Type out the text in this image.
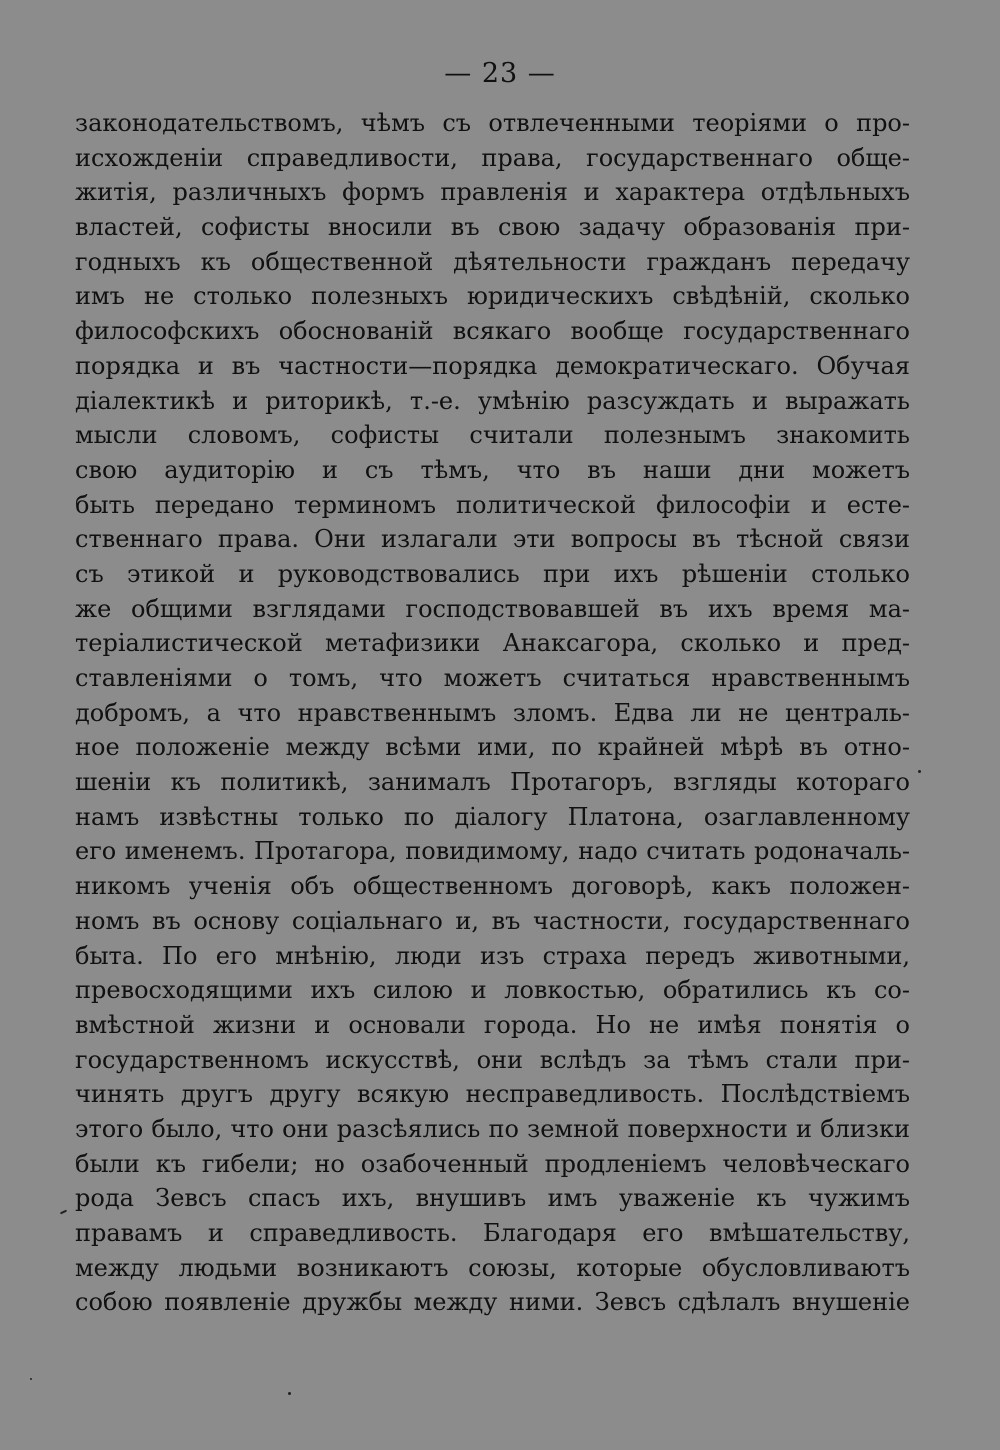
— 23 —
законодательствомъ, чѣмъ съ отвлеченными теоріями о про-
исхожденіи справедливости, права, государственнаго обще-
житія, различныхъ формъ правленія и характера отдѣльныхъ
властей, софисты вносили въ свою задачу образованія при-
годныхъ къ общественной дѣятельности гражданъ передачу
имъ не столько полезныхъ юридическихъ свѣдѣній, сколько
философскихъ обоснованій всякаго вообще государственнаго
порядка и въ частности—порядка демократическаго. Обучая
діалектикѣ и риторикѣ, т.-е. умѣнію разсуждать и выражать
мысли словомъ, софисты считали полезнымъ знакомить
свою аудиторію и съ тѣмъ, что въ наши дни можетъ
быть передано терминомъ политической философіи и есте-
ственнаго права. Они излагали эти вопросы въ тѣсной связи
съ этикой и руководствовались при ихъ рѣшеніи столько
же общими взглядами господствовавшей въ ихъ время ма-
теріалистической метафизики Анаксагора, сколько и пред-
ставленіями о томъ, что можетъ считаться нравственнымъ
добромъ, а что нравственнымъ зломъ. Едва ли не централь-
ное положеніе между всѣми ими, по крайней мѣрѣ въ отно-
шеніи къ политикѣ, занималъ Протагоръ, взгляды котораго
намъ извѣстны только по діалогу Платона, озаглавленному
его именемъ. Протагора, повидимому, надо считать родоначаль-
никомъ ученія объ общественномъ договорѣ, какъ положен-
номъ въ основу соціальнаго и, въ частности, государственнаго
быта. По его мнѣнію, люди изъ страха передъ животными,
превосходящими ихъ силою и ловкостью, обратились къ со-
вмѣстной жизни и основали города. Но не имѣя понятія о
государственномъ искусствѣ, они вслѣдъ за тѣмъ стали при-
чинять другъ другу всякую несправедливость. Послѣдствіемъ
этого было, что они разсѣялись по земной поверхности и близки
были къ гибели; но озабоченный продленіемъ человѣческаго
рода Зевсъ спасъ ихъ, внушивъ имъ уваженіе къ чужимъ
правамъ и справедливость. Благодаря его вмѣшательству,
между людьми возникаютъ союзы, которые обусловливаютъ
собою появленіе дружбы между ними. Зевсъ сдѣлалъ внушеніе
